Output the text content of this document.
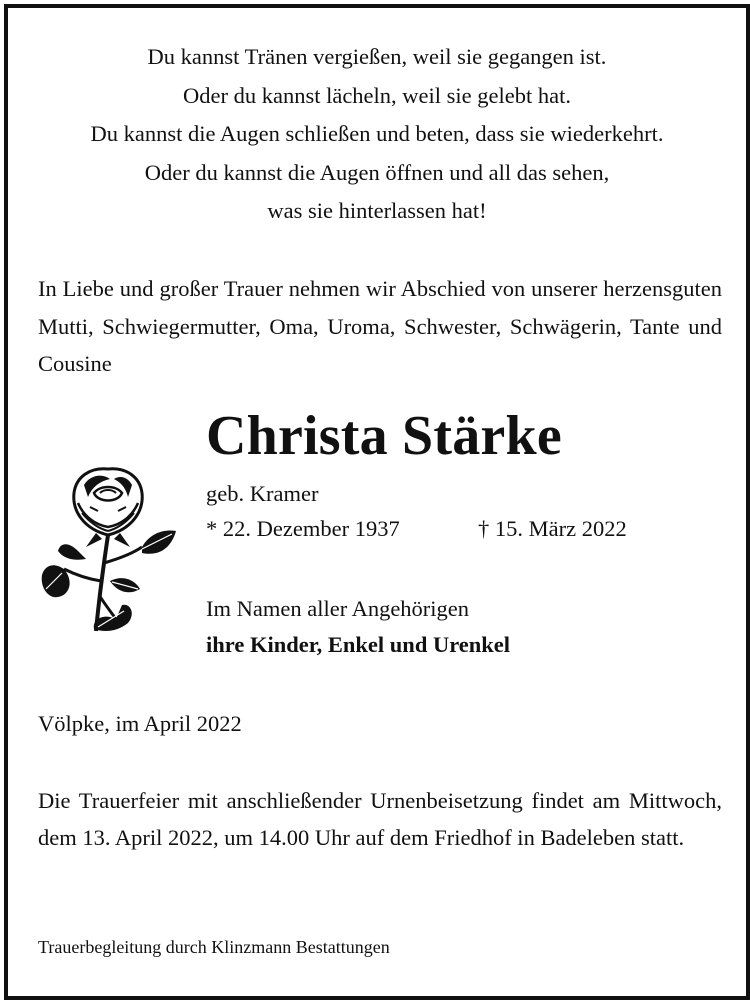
Du kannst Tränen vergießen, weil sie gegangen ist.
Oder du kannst lächeln, weil sie gelebt hat.
Du kannst die Augen schließen und beten, dass sie wiederkehrt.
Oder du kannst die Augen öffnen und all das sehen,
was sie hinterlassen hat!
In Liebe und großer Trauer nehmen wir Abschied von unserer herzensguten Mutti, Schwiegermutter, Oma, Uroma, Schwester, Schwägerin, Tante und Cousine
Christa Stärke
geb. Kramer
* 22. Dezember 1937	† 15. März 2022
Im Namen aller Angehörigen
ihre Kinder, Enkel und Urenkel
Völpke, im April 2022
Die Trauerfeier mit anschließender Urnenbeisetzung findet am Mittwoch, dem 13. April 2022, um 14.00 Uhr auf dem Friedhof in Badeleben statt.
Trauerbegleitung durch Klinzmann Bestattungen
